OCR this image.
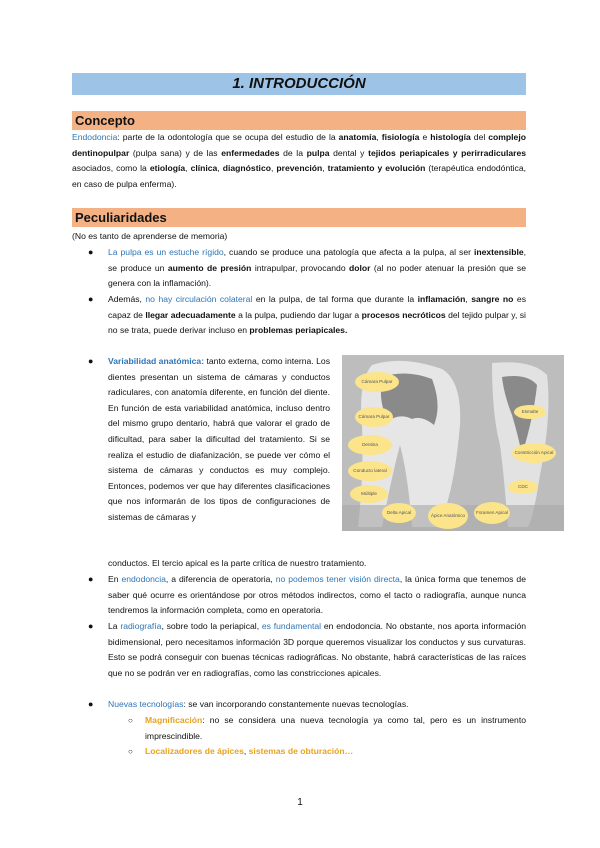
1. INTRODUCCIÓN
Concepto
Endodoncia: parte de la odontología que se ocupa del estudio de la anatomía, fisiología e histología del complejo dentinopulpar (pulpa sana) y de las enfermedades de la pulpa dental y tejidos periapicales y perirradiculares asociados, como la etiología, clínica, diagnóstico, prevención, tratamiento y evolución (terapéutica endodóntica, en caso de pulpa enferma).
Peculiaridades
(No es tanto de aprenderse de memoria)
● La pulpa es un estuche rígido, cuando se produce una patología que afecta a la pulpa, al ser inextensible, se produce un aumento de presión intrapulpar, provocando dolor (al no poder atenuar la presión que se genera con la inflamación).
● Además, no hay circulación colateral en la pulpa, de tal forma que durante la inflamación, sangre no es capaz de llegar adecuadamente a la pulpa, pudiendo dar lugar a procesos necróticos del tejido pulpar y, si no se trata, puede derivar incluso en problemas periapicales.
● Variabilidad anatómica: tanto externa, como interna. Los dientes presentan un sistema de cámaras y conductos radiculares, con anatomía diferente, en función del diente. En función de esta variabilidad anatómica, incluso dentro del mismo grupo dentario, habrá que valorar el grado de dificultad, para saber la dificultad del tratamiento. Si se realiza el estudio de diafanización, se puede ver cómo el sistema de cámaras y conductos es muy complejo. Entonces, podemos ver que hay diferentes clasificaciones que nos informarán de los tipos de configuraciones de sistemas de cámaras y
conductos. El tercio apical es la parte crítica de nuestro tratamiento.
Cámara Pulpar
Cámara Pulpar
Esmalte
Dentina
Conducto lateral
Múltiple
Constricción Apical
CDC
Ápice Anatómico
Foramen Apical
Delta Apical
● En endodoncia, a diferencia de operatoria, no podemos tener visión directa, la única forma que tenemos de saber qué ocurre es orientándose por otros métodos indirectos, como el tacto o radiografía, aunque nunca tendremos la información completa, como en operatoria.
● La radiografía, sobre todo la periapical, es fundamental en endodoncia. No obstante, nos aporta información bidimensional, pero necesitamos información 3D porque queremos visualizar los conductos y sus curvaturas. Esto se podrá conseguir con buenas técnicas radiográficas. No obstante, habrá características de las raíces que no se podrán ver en radiografías, como las constricciones apicales.
● Nuevas tecnologías: se van incorporando constantemente nuevas tecnologías.
○ Magnificación: no se considera una nueva tecnología ya como tal, pero es un instrumento imprescindible.
○ Localizadores de ápices, sistemas de obturación…
1
